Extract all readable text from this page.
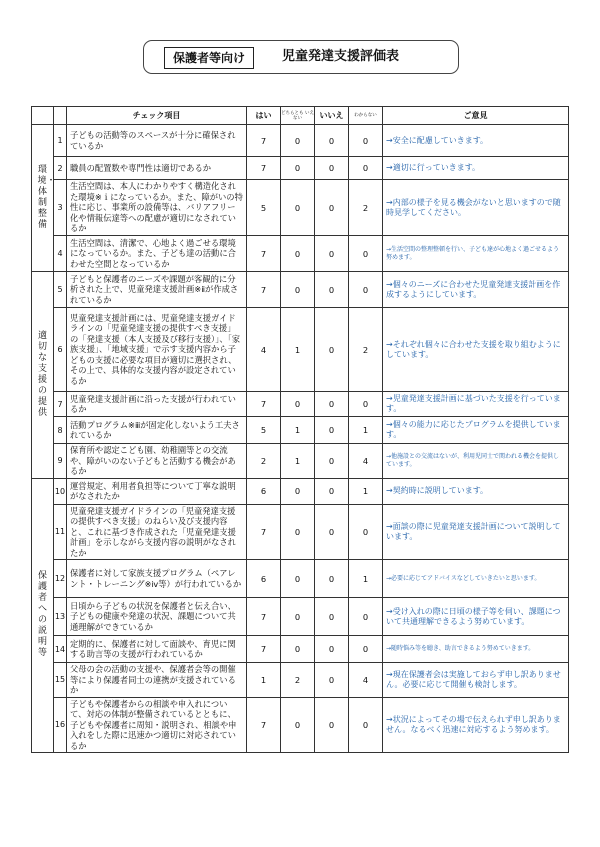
保護者等向け	児童発達支援評価表
		チェック項目	はい	どちらとも いえない	いいえ	わからない	ご意見
環境・体制整備	1	子どもの活動等のスペースが十分に確保されているか	7	0	0	0	→安全に配慮していきます。
	2	職員の配置数や専門性は適切であるか	7	0	0	0	→適切に行っていきます。
	3	生活空間は、本人にわかりやすく構造化された環境※ｉになっているか。また、障がいの特性に応じ、事業所の設備等は、バリアフリー化や情報伝達等への配慮が適切になされているか	5	0	0	2	→内部の様子を見る機会がないと思いますので随時見学してください。
	4	生活空間は、清潔で、心地よく過ごせる環境になっているか。また、子ども達の活動に合わせた空間となっているか	7	0	0	0	→生活空間の整理整頓を行い、子ども達が心地よく過ごせるよう努めます。
適切な支援の提供	5	子どもと保護者のニーズや課題が客観的に分析された上で、児童発達支援計画※ⅱが作成されているか	7	0	0	0	→個々のニーズに合わせた児童発達支援計画を作成するようにしています。
	6	児童発達支援計画には、児童発達支援ガイドラインの「児童発達支援の提供すべき支援」の「発達支援（本人支援及び移行支援）」、「家族支援」、「地域支援」で示す支援内容から子どもの支援に必要な項目が適切に選択され、その上で、具体的な支援内容が設定されているか	4	1	0	2	→それぞれ個々に合わせた支援を取り組むようにしています。
	7	児童発達支援計画に沿った支援が行われているか	7	0	0	0	→児童発達支援計画に基づいた支援を行っています。
	8	活動プログラム※ⅲが固定化しないよう工夫されているか	5	1	0	1	→個々の能力に応じたプログラムを提供しています。
	9	保育所や認定こども園、幼稚園等との交流や、障がいのない子どもと活動する機会があるか	2	1	0	4	→他施設との交流はないが、利用児同士で関われる機会を提供しています。
保護者への説明等	10	運営規定、利用者負担等について丁寧な説明がなされたか	6	0	0	1	→契約時に説明しています。
	11	児童発達支援ガイドラインの「児童発達支援の提供すべき支援」のねらい及び支援内容と、これに基づき作成された「児童発達支援計画」を示しながら支援内容の説明がなされたか	7	0	0	0	→面談の際に児童発達支援計画について説明しています。
	12	保護者に対して家族支援プログラム（ペアレント・トレーニング※ⅳ等）が行われているか	6	0	0	1	→必要に応じてアドバイスなどしていきたいと思います。
	13	日頃から子どもの状況を保護者と伝え合い、子どもの健康や発達の状況、課題について共通理解ができているか	7	0	0	0	→受け入れの際に日頃の様子等を伺い、課題について共通理解できるよう努めています。
	14	定期的に、保護者に対して面談や、育児に関する助言等の支援が行われているか	7	0	0	0	→随時悩み等を聴き、助言できるよう努めていきます。
	15	父母の会の活動の支援や、保護者会等の開催等により保護者同士の連携が支援されているか	1	2	0	4	→現在保護者会は実施しておらず申し訳ありません。必要に応じて開催も検討します。
	16	子どもや保護者からの相談や申入れについて、対応の体制が整備されているとともに、子どもや保護者に周知・説明され、相談や申入れをした際に迅速かつ適切に対応されているか	7	0	0	0	→状況によってその場で伝えられず申し訳ありません。なるべく迅速に対応するよう努めます。
